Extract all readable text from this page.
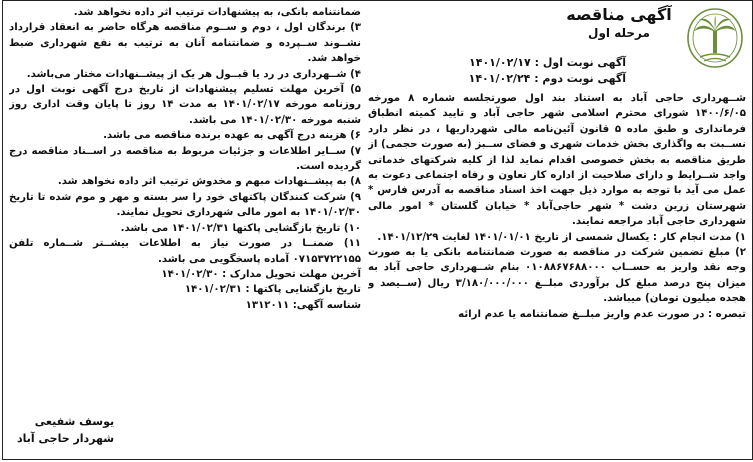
آگهی مناقصه
مرحله اول
آگهی نوبت اول : ۱۴۰۱/۰۲/۱۷
آگهی نوبت دوم : ۱۴۰۱/۰۲/۲۴

شــهرداری حاجی آباد به استناد بند اول صورتجلسه شماره ۸ مورخه ۱۴۰۰/۶/۰۵ شورای محترم اسلامی شهر حاجی آباد و تایید کمیته انطباق فرمانداری و طبق ماده ۵ قانون آئین‌نامه مالی شهرداریها ، در نظر دارد نســبت به واگذاری بخش خدمات شهری و فضای ســبز (به صورت حجمی) از طریق مناقصه به بخش خصوصی اقدام نماید لذا از کلیه شرکتهای خدماتی واجد شــرایط و دارای صلاحیت از اداره کار تعاون و رفاه اجتماعی دعوت به عمل می آید با توجه به موارد ذیل جهت اخذ اسناد مناقصه به آدرس فارس * شهرستان زرین دشت * شهر حاجی‌آباد * خیابان گلستان * امور مالی شهرداری حاجی آباد مراجعه نمایند.

۱) مدت انجام کار : یکسال شمسی از تاریخ ۱۴۰۱/۰۱/۰۱ لغایت ۱۴۰۱/۱۲/۲۹.

۲) مبلغ تضمین شرکت در مناقصه به صورت ضمانتنامه بانکی یا به صورت وجه نقد واریز به حســاب ۰۱۰۸۸۶۷۶۸۸۰۰۰ بنام شــهرداری حاجی آباد به میزان پنج درصد مبلغ کل برآوردی مبلــغ ۳/۱۸۰/۰۰۰/۰۰۰ ریال (ســیصد و هجده میلیون تومان) میباشد.

تبصره : در صورت عدم واریز مبلــغ ضمانتنامه یا عدم ارائه

ضمانتنامه بانکی، به پیشنهادات ترتیب اثر داده نخواهد شد.

۳) برندگان اول ، دوم و ســوم مناقصه هرگاه حاضر به انعقاد قرارداد نشــوند ســپرده و ضمانتنامه آنان به ترتیب به نفع شهرداری ضبط خواهد شد.

۴) شــهرداری در رد یا قبــول هر یک از پیشــنهادات مختار می‌باشد.

۵) آخرین مهلت تسلیم پیشنهادات از تاریخ درج آگهی نوبت اول در روزنامه مورخه ۱۴۰۱/۰۲/۱۷ به مدت ۱۴ روز تا پایان وقت اداری روز شنبه مورخه ۱۴۰۱/۰۲/۳۰ می باشد.

۶) هزینه درج آگهی به عهده برنده مناقصه می باشد.

۷) ســایر اطلاعات و جزئیات مربوط به مناقصه در اســناد مناقصه درج گردیده است.

۸) به پیشــنهادات مبهم و مخدوش ترتیب اثر داده نخواهد شد.

۹) شرکت کنندگان پاکتهای خود را سر بسته و مهر و موم شده تا تاریخ ۱۴۰۱/۰۲/۳۰ به امور مالی شهرداری تحویل نمایند.

۱۰) تاریخ بازگشایی پاکتها ۱۴۰۱/۰۲/۳۱ می باشد.

۱۱) ضمنــا در صورت نیاز به اطلاعات بیشــتر شــماره تلفن ۰۷۱۵۳۷۲۲۱۵۵ آماده پاسخگویی می باشد.

آخرین مهلت تحویل مدارک : ۱۴۰۱/۰۲/۳۰

تاریخ بازگشایی پاکتها : ۱۴۰۱/۰۲/۳۱

شناسه آگهی: ۱۳۱۲۰۱۱

یوسف شفیعی
شهردار حاجی آباد
